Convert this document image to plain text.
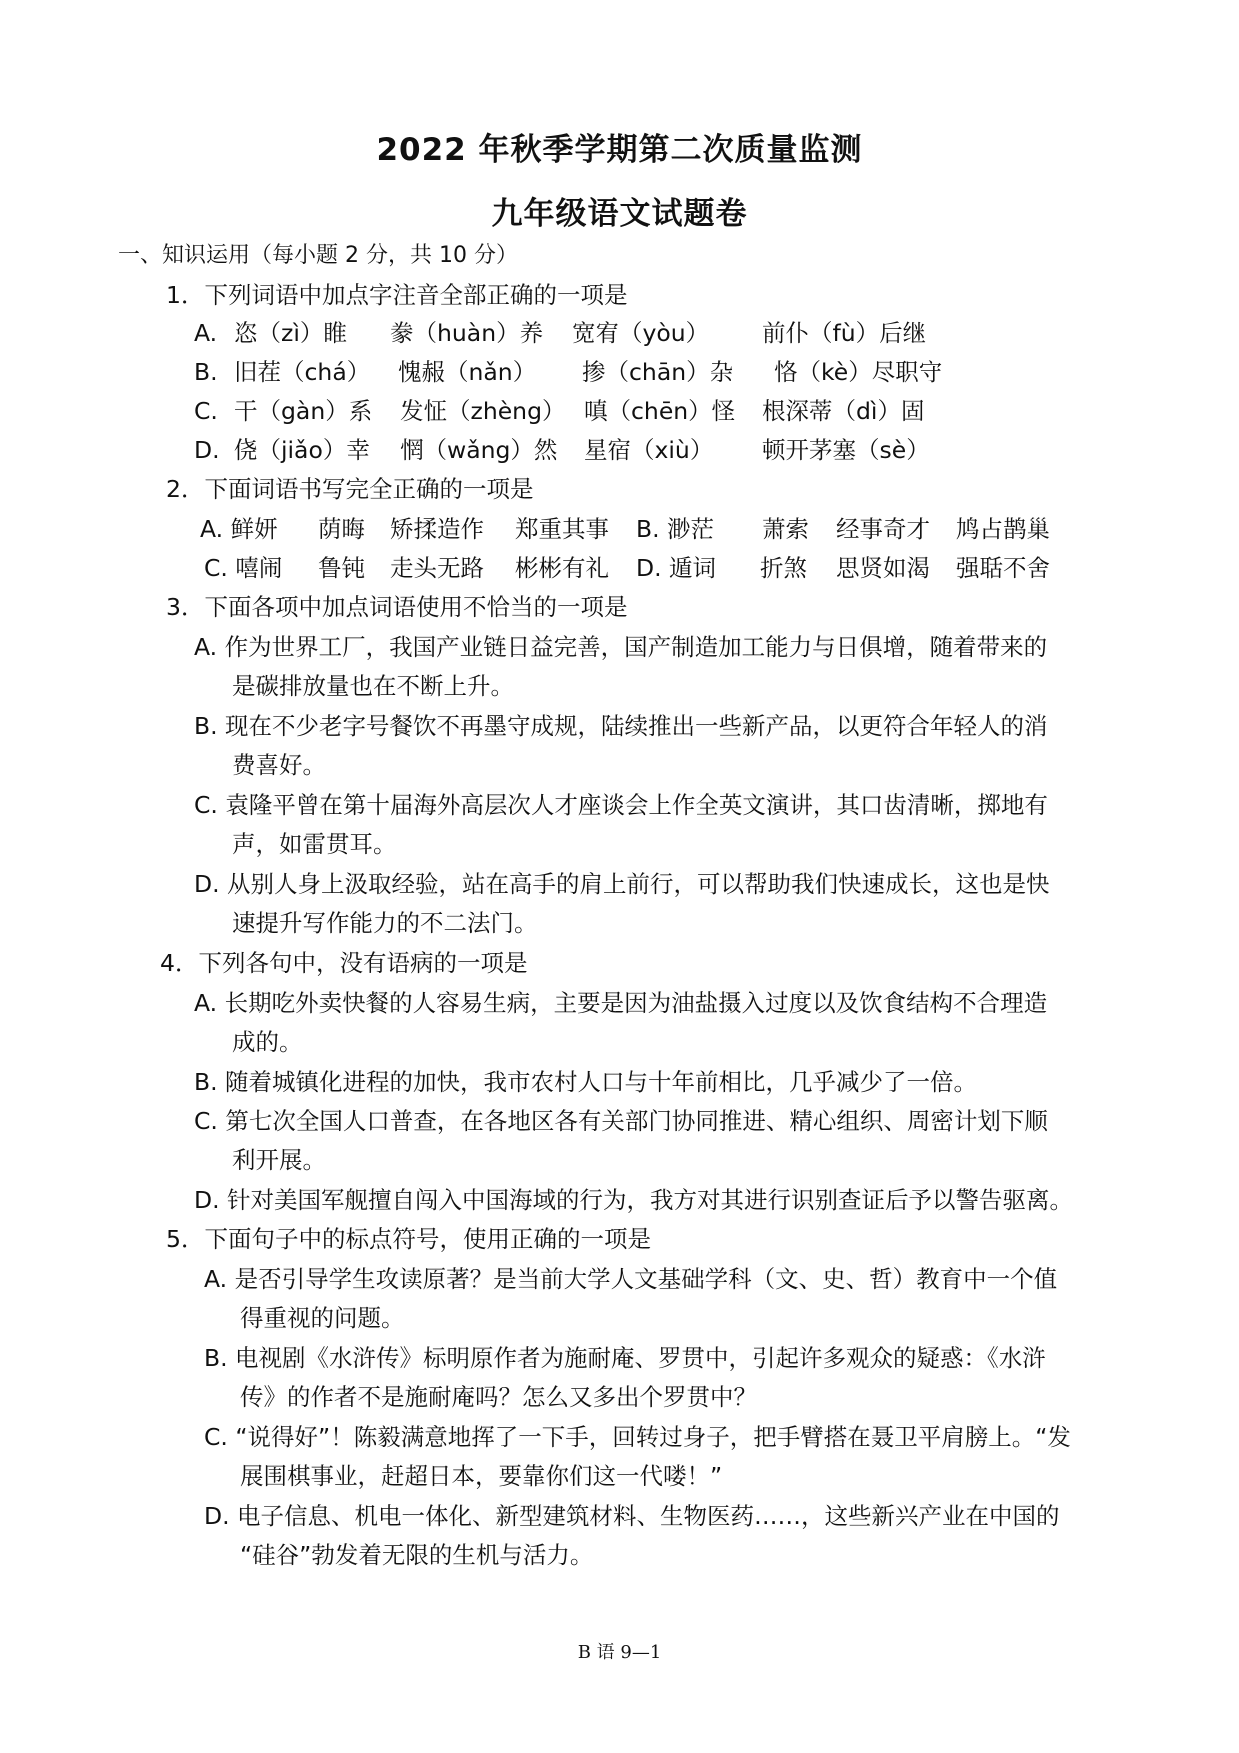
2022 年秋季学期第二次质量监测
九年级语文试题卷
一、知识运用（每小题 2 分，共 10 分）
1．下列词语中加点字注音全部正确的一项是
A. 恣（zì）睢 豢（huàn）养 宽宥（yòu） 前仆（fù）后继
B. 旧茬（chá） 愧赧（nǎn） 掺（chān）杂 恪（kè）尽职守
C. 干（gàn）系 发怔（zhèng） 嗔（chēn）怪 根深蒂（dì）固
D. 侥（jiǎo）幸 惘（wǎng）然 星宿（xiù） 顿开茅塞（sè）
2．下面词语书写完全正确的一项是
A. 鲜妍 荫晦 矫揉造作 郑重其事 B. 渺茫 萧索 经事奇才 鸠占鹊巢
C. 嘻闹 鲁钝 走头无路 彬彬有礼 D. 遁词 折煞 思贤如渴 强聒不舍
3．下面各项中加点词语使用不恰当的一项是
A. 作为世界工厂，我国产业链日益完善，国产制造加工能力与日俱增，随着带来的
是碳排放量也在不断上升。
B. 现在不少老字号餐饮不再墨守成规，陆续推出一些新产品，以更符合年轻人的消
费喜好。
C. 袁隆平曾在第十届海外高层次人才座谈会上作全英文演讲，其口齿清晰，掷地有
声，如雷贯耳。
D. 从别人身上汲取经验，站在高手的肩上前行，可以帮助我们快速成长，这也是快
速提升写作能力的不二法门。
4．下列各句中，没有语病的一项是
A. 长期吃外卖快餐的人容易生病，主要是因为油盐摄入过度以及饮食结构不合理造
成的。
B. 随着城镇化进程的加快，我市农村人口与十年前相比，几乎减少了一倍。
C. 第七次全国人口普查，在各地区各有关部门协同推进、精心组织、周密计划下顺
利开展。
D. 针对美国军舰擅自闯入中国海域的行为，我方对其进行识别查证后予以警告驱离。
5．下面句子中的标点符号，使用正确的一项是
A. 是否引导学生攻读原著？是当前大学人文基础学科（文、史、哲）教育中一个值
得重视的问题。
B. 电视剧《水浒传》标明原作者为施耐庵、罗贯中，引起许多观众的疑惑：《水浒
传》的作者不是施耐庵吗？怎么又多出个罗贯中？
C. “说得好”！陈毅满意地挥了一下手，回转过身子，把手臂搭在聂卫平肩膀上。“发
展围棋事业，赶超日本，要靠你们这一代喽！”
D. 电子信息、机电一体化、新型建筑材料、生物医药……，这些新兴产业在中国的
“硅谷”勃发着无限的生机与活力。
B 语 9—1
